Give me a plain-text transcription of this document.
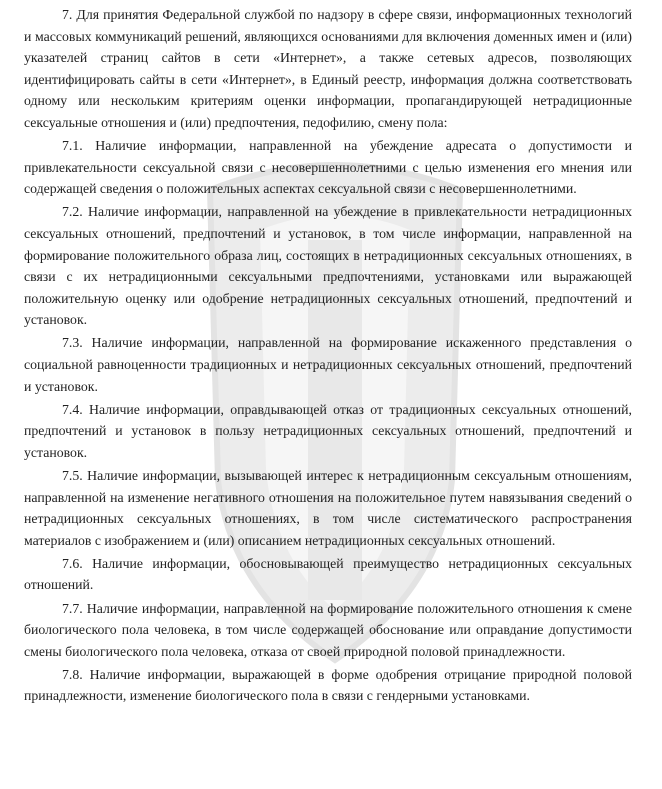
7. Для принятия Федеральной службой по надзору в сфере связи, информационных технологий и массовых коммуникаций решений, являющихся основаниями для включения доменных имен и (или) указателей страниц сайтов в сети «Интернет», а также сетевых адресов, позволяющих идентифицировать сайты в сети «Интернет», в Единый реестр, информация должна соответствовать одному или нескольким критериям оценки информации, пропагандирующей нетрадиционные сексуальные отношения и (или) предпочтения, педофилию, смену пола:

7.1. Наличие информации, направленной на убеждение адресата о допустимости и привлекательности сексуальной связи с несовершеннолетними с целью изменения его мнения или содержащей сведения о положительных аспектах сексуальной связи с несовершеннолетними.

7.2. Наличие информации, направленной на убеждение в привлекательности нетрадиционных сексуальных отношений, предпочтений и установок, в том числе информации, направленной на формирование положительного образа лиц, состоящих в нетрадиционных сексуальных отношениях, в связи с их нетрадиционными сексуальными предпочтениями, установками или выражающей положительную оценку или одобрение нетрадиционных сексуальных отношений, предпочтений и установок.

7.3. Наличие информации, направленной на формирование искаженного представления о социальной равноценности традиционных и нетрадиционных сексуальных отношений, предпочтений и установок.

7.4. Наличие информации, оправдывающей отказ от традиционных сексуальных отношений, предпочтений и установок в пользу нетрадиционных сексуальных отношений, предпочтений и установок.

7.5. Наличие информации, вызывающей интерес к нетрадиционным сексуальным отношениям, направленной на изменение негативного отношения на положительное путем навязывания сведений о нетрадиционных сексуальных отношениях, в том числе систематического распространения материалов с изображением и (или) описанием нетрадиционных сексуальных отношений.

7.6. Наличие информации, обосновывающей преимущество нетрадиционных сексуальных отношений.

7.7. Наличие информации, направленной на формирование положительного отношения к смене биологического пола человека, в том числе содержащей обоснование или оправдание допустимости смены биологического пола человека, отказа от своей природной половой принадлежности.

7.8. Наличие информации, выражающей в форме одобрения отрицание природной половой принадлежности, изменение биологического пола в связи с гендерными установками.
